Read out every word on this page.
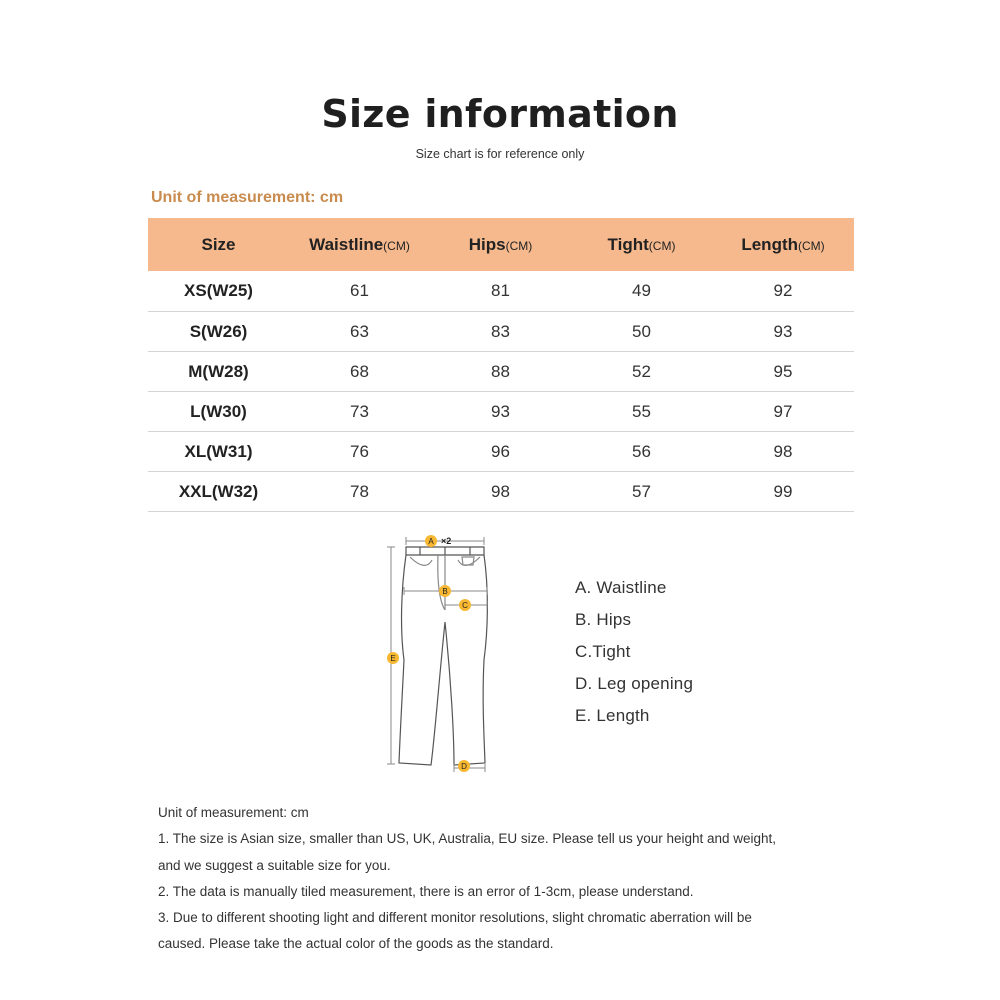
Size information
Size chart is for reference only
Unit of measurement: cm
Size	Waistline(CM)	Hips(CM)	Tight(CM)	Length(CM)
XS(W25)	61	81	49	92
S(W26)	63	83	50	93
M(W28)	68	88	52	95
L(W30)	73	93	55	97
XL(W31)	76	96	56	98
XXL(W32)	78	98	57	99
A ×2
B
C
D
E
A. Waistline
B. Hips
C.Tight
D. Leg opening
E. Length

Unit of measurement: cm

1. The size is Asian size, smaller than US, UK, Australia, EU size. Please tell us your height and weight, and we suggest a suitable size for you.

2. The data is manually tiled measurement, there is an error of 1-3cm, please understand.

3. Due to different shooting light and different monitor resolutions, slight chromatic aberration will be caused. Please take the actual color of the goods as the standard.
